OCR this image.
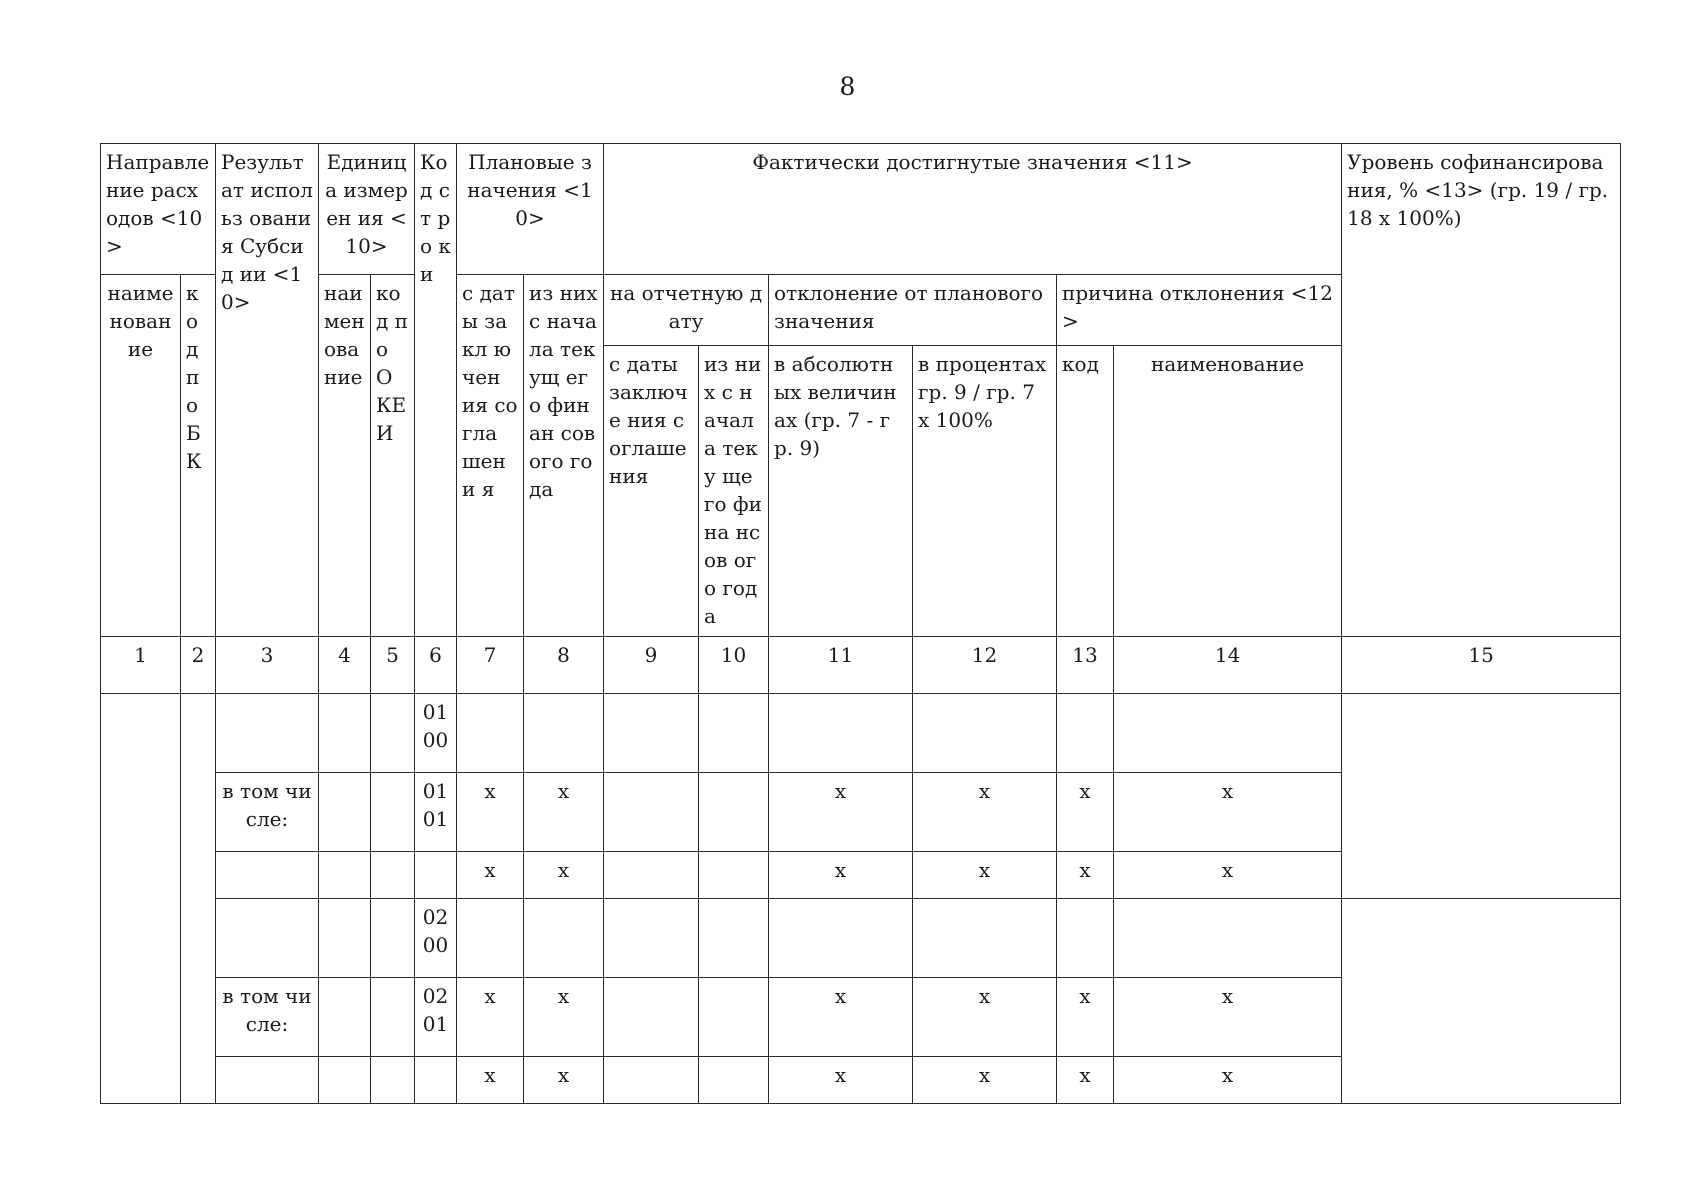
8
Направле ние расходов <10>		Результ ат использ ования Субсид ии <10>	Единиц а измерен ия <10>		Ко д ст ро ки	Плановые значения <10>		Фактически достигнутые значения <11>						Уровень софинансирования, % <13> (гр. 19 / гр. 18 х 100%)
наиме нован ие	ко д по Б К		наи мен ова ние	ко д по О КЕ И		с даты закл ючен ия согла шени я	из них с начала текущ его финан сового года	на отчетную дату		отклонение от планового значения		причина отклонения <12>		
								с даты заключе ния соглаше ния	из них с начал а теку щего фина нсов ого года	в абсолютных величинах (гр. 7 - гр. 9)	в процентах гр. 9 / гр. 7 х 100%	код	наименование	
1	2	3	4	5	6	7	8	9	10	11	12	13	14	15
					01 00									
		в том числе:			01 01	х	х			х	х	х	х	
						х	х			х	х	х	х	
					02 00									
		в том числе:			02 01	х	х			х	х	х	х	
						х	х			х	х	х	х	
